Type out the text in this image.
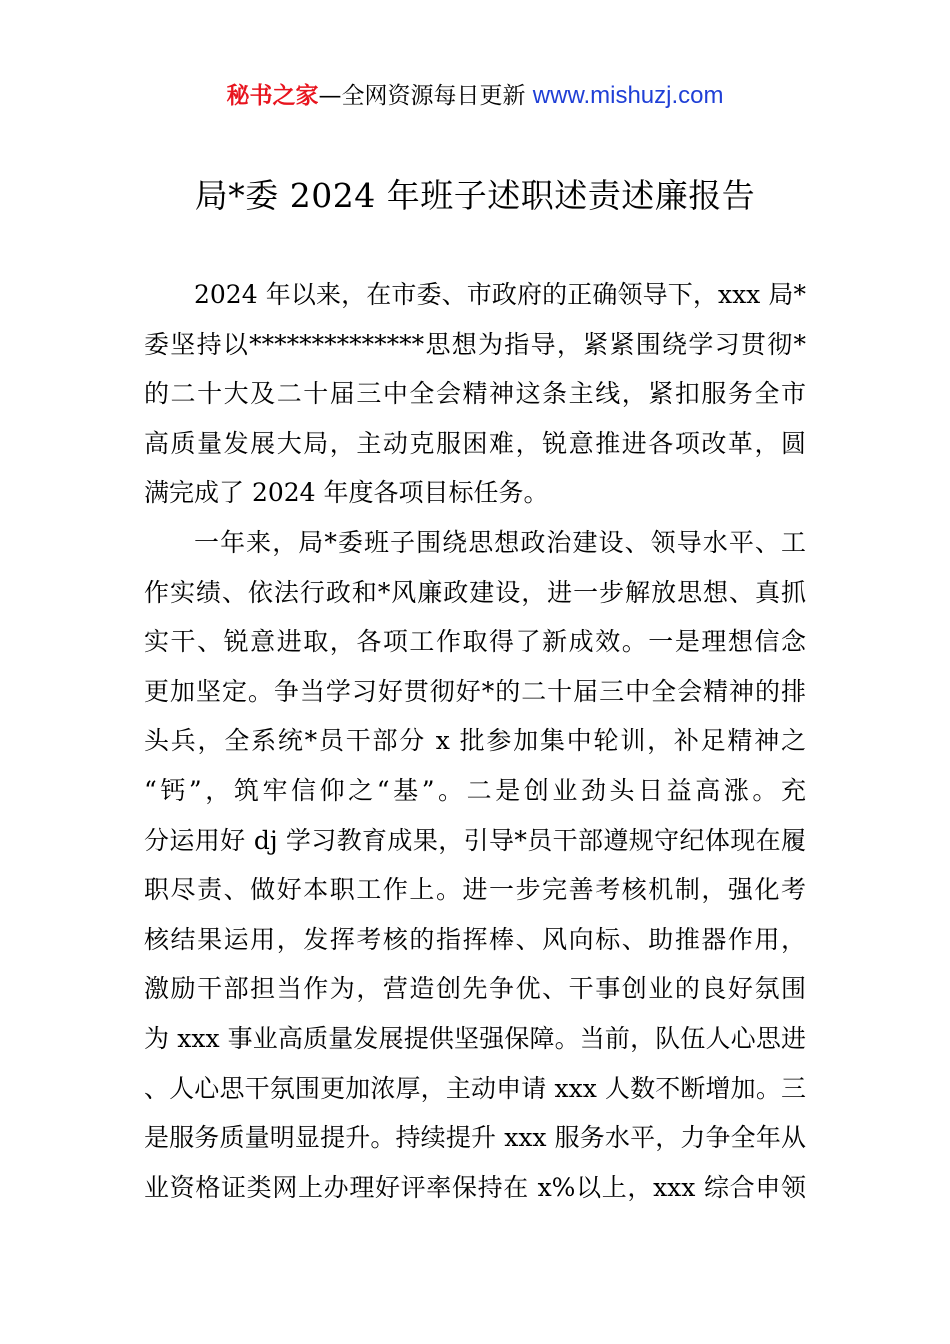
秘书之家—全网资源每日更新 www.mishuzj.com
局*委 2024 年班子述职述责述廉报告
2024 年以来，在市委、市政府的正确领导下，xxx 局*
委坚持以**************思想为指导，紧紧围绕学习贯彻*
的二十大及二十届三中全会精神这条主线，紧扣服务全市
高质量发展大局，主动克服困难，锐意推进各项改革，圆
满完成了 2024 年度各项目标任务。
一年来，局*委班子围绕思想政治建设、领导水平、工
作实绩、依法行政和*风廉政建设，进一步解放思想、真抓
实干、锐意进取，各项工作取得了新成效。一是理想信念
更加坚定。争当学习好贯彻好*的二十届三中全会精神的排
头兵，全系统*员干部分 x 批参加集中轮训，补足精神之
“钙”，筑牢信仰之“基”。二是创业劲头日益高涨。充
分运用好 dj 学习教育成果，引导*员干部遵规守纪体现在履
职尽责、做好本职工作上。进一步完善考核机制，强化考
核结果运用，发挥考核的指挥棒、风向标、助推器作用，
激励干部担当作为，营造创先争优、干事创业的良好氛围
为 xxx 事业高质量发展提供坚强保障。当前，队伍人心思进
、人心思干氛围更加浓厚，主动申请 xxx 人数不断增加。三
是服务质量明显提升。持续提升 xxx 服务水平，力争全年从
业资格证类网上办理好评率保持在 x%以上，xxx 综合申领
